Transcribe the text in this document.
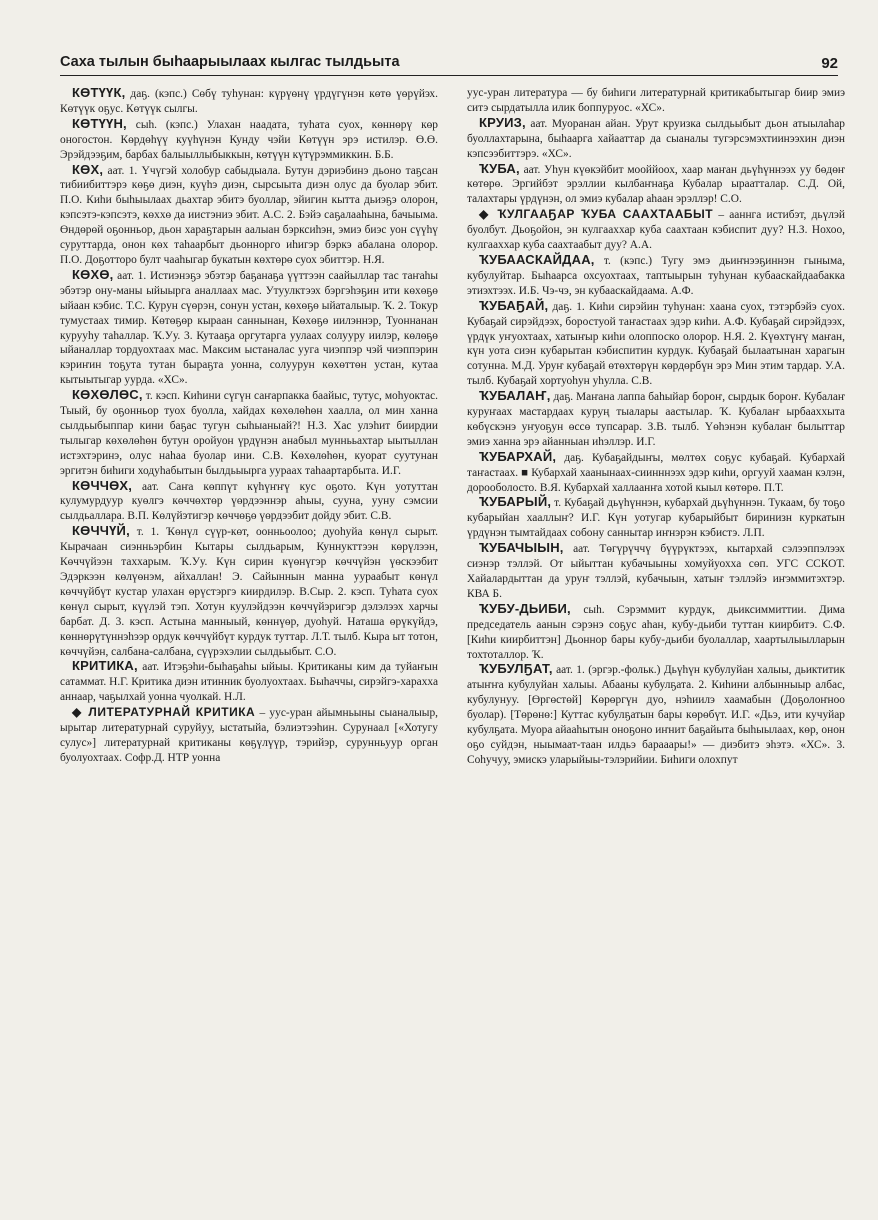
Саха тылын быһаарыылаах кылгас тылдьыта	92

КӨТҮҮК, даҕ. (кэпс.) Сөбү туһунан: күрүөнү үрдүгүнэн көтө үөрүйэх. Көтүүк оҕус. Көтүүк сылгы.

КӨТҮҮН, сыһ. (кэпс.) Улахан наадата, туһата суох, көннөрү көр оногостон. Көрдөһүү куүһүнэн Кунду чэйи Көтүүн эрэ истилэр. Ө.Ө. Эрэйдээҕим, барбах балыыллыбыккын, көтүүн күтүрэммиккин. Б.Б.

КӨХ, аат. 1. Үчүгэй холобур сабыдыала. Бутун дэриэбинэ дьоно таҕсан тибиибиттэрэ көҕө диэн, куүһэ диэн, сырсыыта диэн олус да буолар эбит. П.О. Киһи быһыылаах дьахтар эбитэ буоллар, эйигин кытта дьиэҕэ олорон, кэпсэтэ-кэпсэтэ, көххө да иистэниэ эбит. А.С. 2. Бэйэ саҕалааһына, бачыыма. Өндөрөй оҕонньор, дьон хараҕтарын аалыан бэрксиһэн, эмиэ биэс уон сүүһү суруттарда, онон көх таһаарбыт дьоннорго иһигэр бэркэ абалана олорор. П.О. Доҕотторо булт чааһыгар букатын көхтөрө суох эбиттэр. Н.Я.

КӨХӨ, аат. 1. Истиэнэҕэ эбэтэр баҕанаҕа үүттээн саайыллар тас таҥаһы эбэтэр ону-маны ыйыырга аналлаах мас. Утуулктээх бэргэһэҕин ити көхөҕө ыйаан кэбис. Т.С. Курун сүөрэн, сонун устан, көхөҕө ыйаталыыр. Ҡ. 2. Токур тумустаах тимир. Көтөҕөр кыраан саннынан, Көхөҕө иилэннэр, Туоннанан курууһу таһаллар. Ҡ.Уу. 3. Кутааҕа оргутарга уулаах солууру иилэр, көлөҕө ыйаналлар тордуохтаах мас. Максим ыстаналас ууга чиэппэр чэй чиэппэрин кэриҥин тоҕута тутан быраҕта уонна, солуурун көхөттөн устан, кутаа кытыытыгар уурда. «ХС».

КӨХӨЛӨС, т. кэсп. Киһини сүгүн саҥарпакка баайыс, тутус, моһуоктас. Тыый, бу оҕонньор туох буолла, хайдах көхөлөһөн хаалла, ол мин ханна сылдьыбыппар кини баҕас тугун сыһыаныай?! Н.З. Хас улэһит биирдии тылыгар көхөлөһөн бутун оройуон үрдүнэн анабыл муннььахтар ыытыллан истэхтэринэ, олус наһаа буолар ини. С.В. Көхөлөһөн, куорат суутунан эргитэн биһиги ходуһабытын былдьыырга уураах таһаартарбыта. И.Г.

КӨЧЧӨХ, аат. Саҥа көппүт күһүҥҥү кус оҕото. Күн уотуттан кулумурдуур куөлгэ көччөхтөр үөрдээннэр аһыы, сууна, ууну сэмсии сылдьаллара. В.П. Көлүйэтигэр көччөҕө үөрдээбит дойду эбит. С.В.

КӨЧЧҮЙ, т. 1. Ҡөнүл сүүр-көт, оонньоолоо; дуоһуйа көнүл сырыт. Кырачаан сиэнньэрбин Кытары сылдьарым, Куннукттээн көрүлээн, Көччүйээн таххарым. Ҡ.Уу. Күн сирин күөнүгэр көччүйэн үөскээбит Эдэркээн көлүөнэм, айхаллан! Э. Сайыннын манна уураабыт көнүл көччүйбүт кустар улахан өрүстэргэ киирдилэр. В.Сыр. 2. кэсп. Туһата суох көнүл сырыт, күүлэй тэп. Хотун куулэйдээн көччүйэригэр дэлэлээх харчы барбат. Д. 3. кэсп. Астына манныый, көннүөр, дуоһуй. Наташа өрүкүйдэ, көннөрүтүннэһээр ордук көччүйбүт курдук туттар. Л.Т. тылб. Кыра ыт тотон, көччүйэн, салбана-салбана, сүүрэхэлии сылдьыбыт. С.О.

КРИТИКА, аат. Итэҕэһи-быһаҕаһы ыйыы. Критиканы ким да туйаҥын сатаммат. Н.Г. Критика диэн итинник буолуохтаах. Быһаччы, сирэйгэ-харахха аннаар, чаҕылхай уонна чуолкай. Н.Л.

◆ ЛИТЕРАТУРНАЙ КРИТИКА – уус-уран айымньыны сыаналыыр, ырытар литературнай суруйуу, ыстатыйа, бэлиэтээһин. Сурунаал [«Хотугу сулус»] литературнай критиканы көҕүлүүр, тэрийэр, сурунньуур орган буолуохтаах. Софр.Д. НТР уонна

уус-уран литература — бу биһиги литературнай критикабытыгар биир эмиэ ситэ сырдатылла илик боппуруос. «ХС».

КРУИЗ, аат. Муоранан айан. Урут круизка сылдьыбыт дьон атыылаһар буоллахтарына, быһаарга хайааттар да сыаналы тугэрсэмэхтиинээхин диэн кэпсээбиттэрэ. «ХС».

ҠУБА, аат. Уһун күөкэйбит мооййоох, хаар маҥан дьүһүннээх уу бөдөҥ көтөрө. Эргийбэт эрэллии кылбаҥнаҕа Кубалар ыраатталар. С.Д. Ой, талахтары үрдүнэн, ол эмиэ кубалар аһаан эрэллэр! С.О.

◆ ҠУЛГААҔАР ҠУБА СААХТААБЫТ – ааннга истибэт, дьүлэй буолбут. Дьоҕойон, эн кулгааххар куба саахтаан кэбиспит дуу? Н.З. Нохоо, кулгааххар куба саахтаабыт дуу? А.А.

ҠУБААСКАЙДАА, т. (кэпс.) Тугу эмэ дьиҥнээҕиннэн гыныма, кубулуйтар. Быһаарса охсуохтаах, таптыырын туһунан кубааскайдаабакка этиэхтээх. И.Б. Чэ-чэ, эн кубааскайдаама. А.Ф.

ҠУБАҔАЙ, даҕ. 1. Киһи сирэйин туһунан: хаана суох, тэтэрбэйэ суох. Кубаҕай сирэйдээх, боростуой таҥастаах эдэр киһи. А.Ф. Кубаҕай сирэйдээх, үрдүк уҥуохтаах, хатыҥыр киһи олоппоско олорор. Н.Я. 2. Күөхтүҥү маҥан, күн уота сиэн кубарытан кэбиспитин курдук. Кубаҕай былаатынан харагын сотунна. М.Д. Уруҥ кубаҕай өтөхтөрүн көрдөрбүн эрэ Мин этим тардар. У.А. тылб. Кубаҕай хортуоһун уһулла. С.В.

ҠУБАЛАҤ, даҕ. Маҥана лаппа баһыйар бороҥ, сырдык бороҥ. Кубалаҥ куруҥаах мастардаах куруң тыалары аастылар. Ҡ. Кубалаҥ ырбааххыта көбүскэнэ уҥуоҕун өссө тупсарар. З.В. тылб. Үөһэнэн кубалаҥ былыттар эмиэ ханна эрэ айанныан иһэллэр. И.Г.

ҠУБАРХАЙ, даҕ. Кубаҕайдыҥы, мөлтөх соҕус кубаҕай. Кубархай таҥастаах. ■ Кубархай хаанынаах-сиинннээх эдэр киһи, оргууй хааман кэлэн, дорооболосто. В.Я. Кубархай халлаанҥа хотой кыыл көтөрө. П.Т.

ҠУБАРЫЙ, т. Кубаҕай дьүһүннэн, кубархай дьүһүннэн. Тукаам, бу тоҕо кубарыйан хааллыҥ? И.Г. Күн уотугар кубарыйбыт биринизн куркатын үрдүнэн тымтайдаах собону саннытар иҥнэрэн кэбистэ. Л.П.

ҠУБАЧЫЫН, аат. Төгүрүччү бүүрүктээх, кытархай сэлээппэлээх сиэнэр тэллэй. От ыйыттан кубачыыны хомуйуохха сөп. УГС ССКОТ. Хайалардыттан да уруҥ тэллэй, кубачыын, хатыҥ тэллэйэ иҥэммитэхтэр. КВА Б.

ҠУБУ-ДЬИБИ, сыһ. Сэрэммит курдук, дьиксиммиттии. Дима председатель аанын сэрэнэ соҕус аһан, кубу-дьиби туттан киирбитэ. С.Ф. [Киһи киирбиттэн] Дьоннор бары кубу-дьиби буолаллар, хаартылыылларын тохтоталлор. Ҡ.

ҠУБУЛҔАТ, аат. 1. (эргэр.-фольк.) Дьүһүн кубулуйан халыы, дьиктитик атыҥҥа кубулуйан халыы. Абааны кубулҕата. 2. Киһини албынныыр албас, кубулунуу. [Өргөстөй] Көрөргүн дуо, нэһиилэ хаамабын (Доҕолоҥноо буолар). [Төрөнө:] Куттас кубулҕатын бары көрөбүт. И.Г. «Дьэ, ити кучуйар кубулҕата. Муора айааһытын оноҕоно иҥнит баҕайыта быһыылаах, көр, онон оҕо суйдэн, ныымаат-таан илдьэ барааары!» — диэбитэ эһэтэ. «ХС». 3. Соһучуу, эмискэ уларыйыы-тэлэрийии. Биһиги олохпут
